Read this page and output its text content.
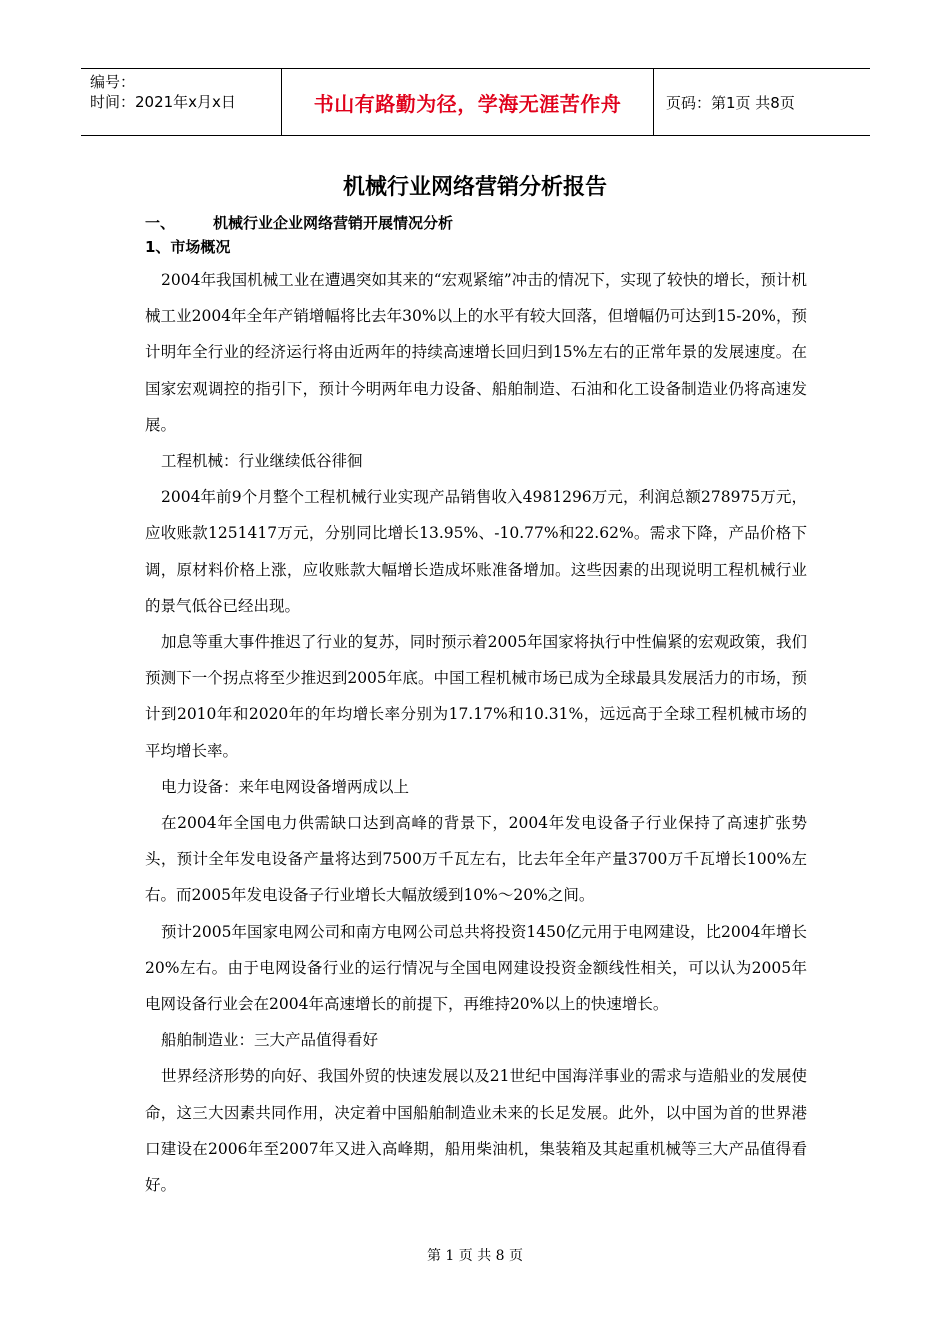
编号：
时间：2021年x月x日	书山有路勤为径，学海无涯苦作舟	页码：第1页 共8页
机械行业网络营销分析报告
一、	机械行业企业网络营销开展情况分析
1、市场概况

2004年我国机械工业在遭遇突如其来的“宏观紧缩”冲击的情况下，实现了较快的增长，预计机械工业2004年全年产销增幅将比去年30%以上的水平有较大回落，但增幅仍可达到15-20%，预计明年全行业的经济运行将由近两年的持续高速增长回归到15%左右的正常年景的发展速度。在国家宏观调控的指引下，预计今明两年电力设备、船舶制造、石油和化工设备制造业仍将高速发展。

工程机械：行业继续低谷徘徊

2004年前9个月整个工程机械行业实现产品销售收入4981296万元，利润总额278975万元，应收账款1251417万元，分别同比增长13.95%、-10.77%和22.62%。需求下降，产品价格下调，原材料价格上涨，应收账款大幅增长造成坏账准备增加。这些因素的出现说明工程机械行业的景气低谷已经出现。

加息等重大事件推迟了行业的复苏，同时预示着2005年国家将执行中性偏紧的宏观政策，我们预测下一个拐点将至少推迟到2005年底。中国工程机械市场已成为全球最具发展活力的市场，预计到2010年和2020年的年均增长率分别为17.17%和10.31%，远远高于全球工程机械市场的平均增长率。

电力设备：来年电网设备增两成以上

在2004年全国电力供需缺口达到高峰的背景下，2004年发电设备子行业保持了高速扩张势头，预计全年发电设备产量将达到7500万千瓦左右，比去年全年产量3700万千瓦增长100%左右。而2005年发电设备子行业增长大幅放缓到10%～20%之间。

预计2005年国家电网公司和南方电网公司总共将投资1450亿元用于电网建设，比2004年增长20%左右。由于电网设备行业的运行情况与全国电网建设投资金额线性相关，可以认为2005年电网设备行业会在2004年高速增长的前提下，再维持20%以上的快速增长。

船舶制造业：三大产品值得看好

世界经济形势的向好、我国外贸的快速发展以及21世纪中国海洋事业的需求与造船业的发展使命，这三大因素共同作用，决定着中国船舶制造业未来的长足发展。此外，以中国为首的世界港口建设在2006年至2007年又进入高峰期，船用柴油机，集装箱及其起重机械等三大产品值得看好。

第 1 页 共 8 页
